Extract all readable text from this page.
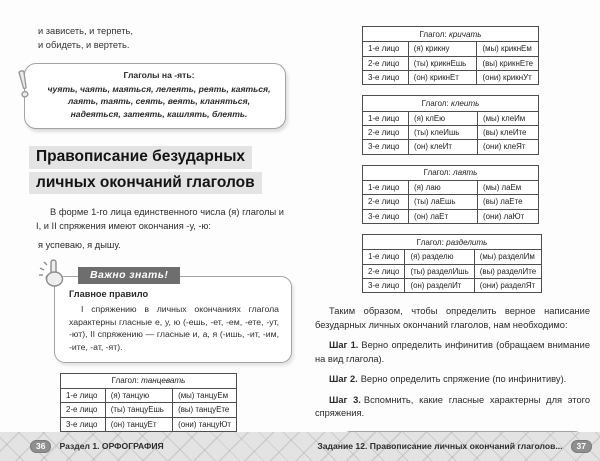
и зависеть, и терпеть,
и обидеть, и вертеть.
Глаголы на -ять:
чуять, чаять, маяться, лелеять, реять, каяться, лаять, таять, сеять, веять, кланяться, надеяться, затеять, кашлять, блеять.
Правописание безударных
личных окончаний глаголов

В форме 1-го лица единственного числа (я) глаголы и I, и II спряжения имеют окончания -у, -ю:

я успеваю, я дышу.

Важно знать!
Главное правило
I спряжению в личных окончаниях глагола характерны гласные е, у, ю (-ешь, -ет, -ем, -ете, -ут, -ют), II спряжению — гласные и, а, я (-ишь, -ит, -им, -ите, -ат, -ят).
Глагол: танцевать		
1-е лицо	(я) танцую	(мы) танцуЕм
2-е лицо	(ты) танцуЕшь	(вы) танцуЕте
3-е лицо	(он) танцуЕт	(они) танцуЮт

Глагол: кричать		
1-е лицо	(я) крикну	(мы) крикнЕм
2-е лицо	(ты) крикнЕшь	(вы) крикнЕте
3-е лицо	(он) крикнЕт	(они) крикнУт
Глагол: клеить		
1-е лицо	(я) клЕю	(мы) клеИм
2-е лицо	(ты) клеИшь	(вы) клеИте
3-е лицо	(он) клеИт	(они) клеЯт
Глагол: лаять		
1-е лицо	(я) лаю	(мы) лаЕм
2-е лицо	(ты) лаЕшь	(вы) лаЕте
3-е лицо	(он) лаЕт	(они) лаЮт
Глагол: разделить		
1-е лицо	(я) разделю	(мы) разделИм
2-е лицо	(ты) разделИшь	(вы) разделИте
3-е лицо	(он) разделИт	(они) разделЯт

Таким образом, чтобы определить верное написание безударных личных окончаний глаголов, нам необходимо:

Шаг 1. Верно определить инфинитив (обращаем внимание на вид глагола).

Шаг 2. Верно определить спряжение (по инфинитиву).

Шаг 3. Вспомнить, какие гласные характерны для этого спряжения.

36	Раздел 1. ОРФОГРАФИЯ	Задание 12. Правописание личных окончаний глаголов...	37
